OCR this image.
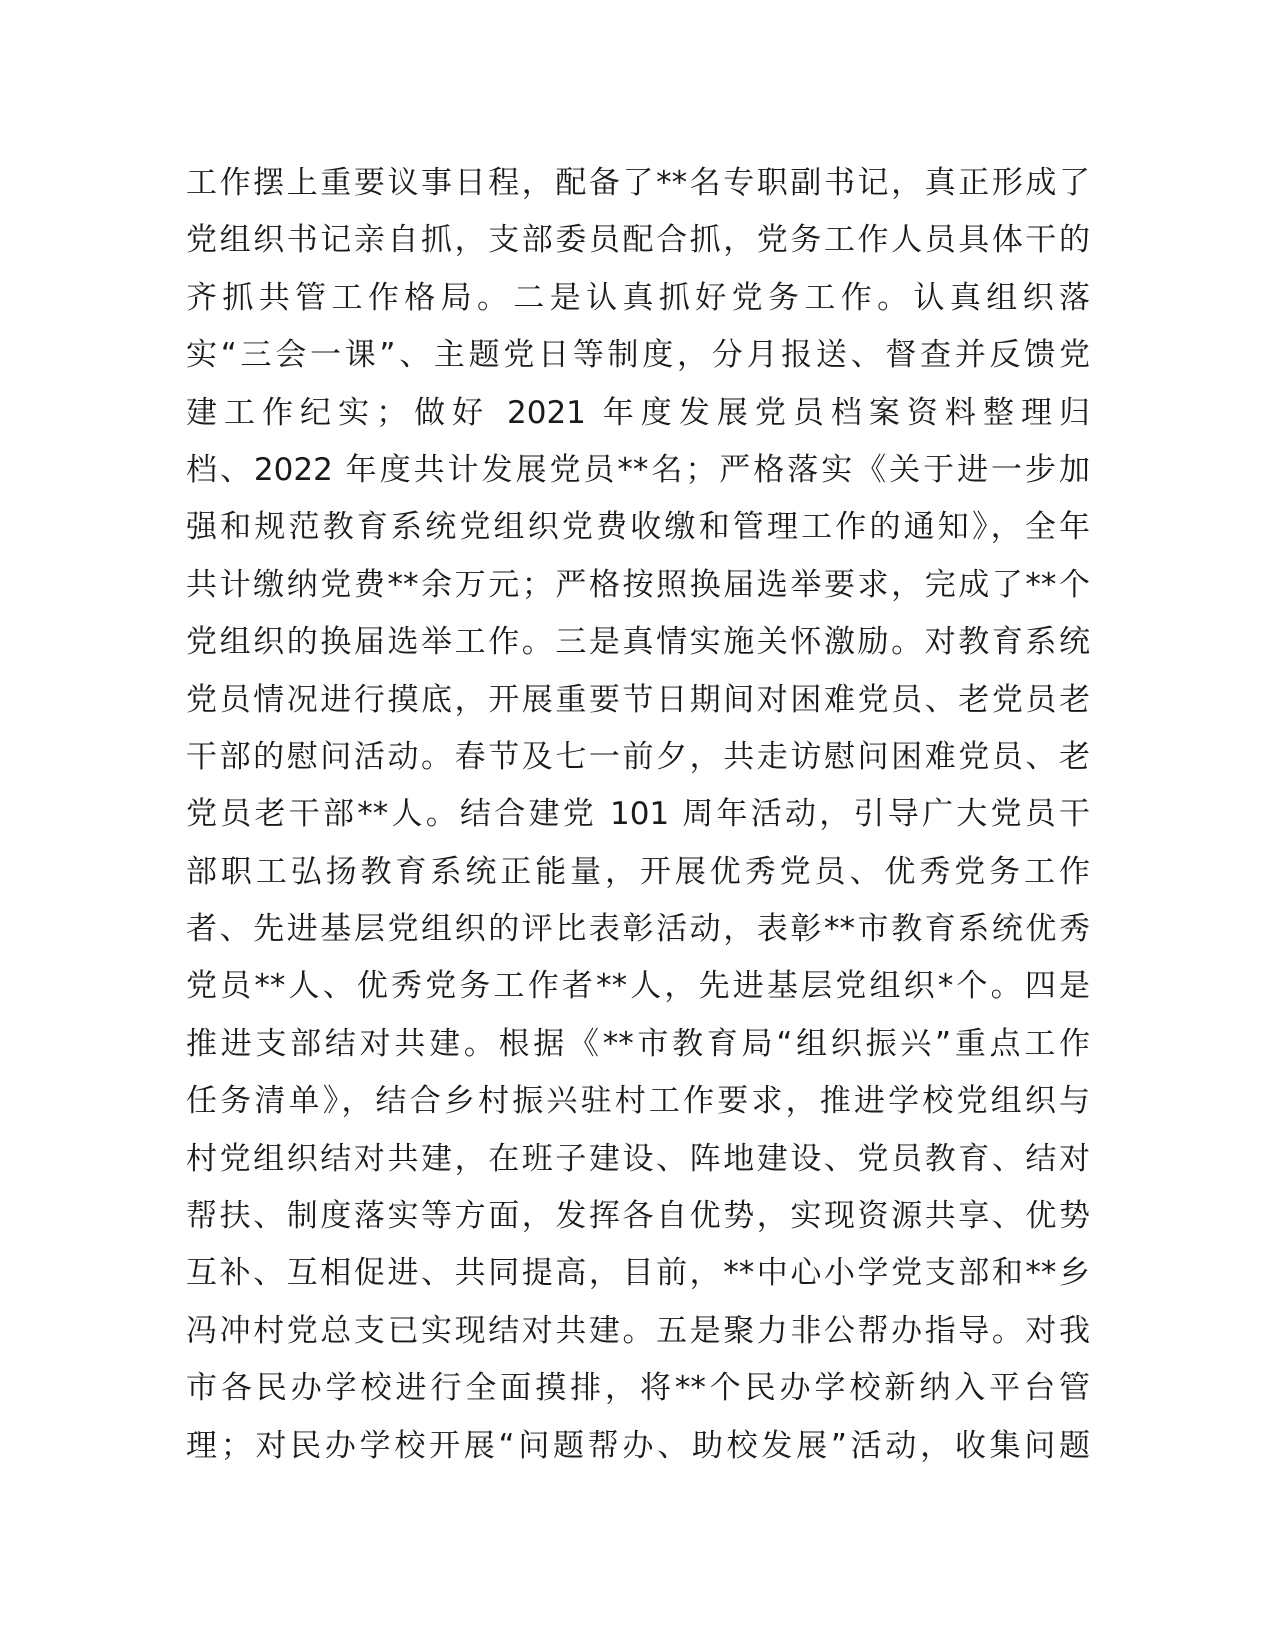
工作摆上重要议事日程，配备了**名专职副书记，真正形成了
党组织书记亲自抓，支部委员配合抓，党务工作人员具体干的
齐抓共管工作格局。二是认真抓好党务工作。认真组织落
实“三会一课”、主题党日等制度，分月报送、督查并反馈党
建工作纪实；做好 2021 年度发展党员档案资料整理归
档、2022 年度共计发展党员**名；严格落实《关于进一步加
强和规范教育系统党组织党费收缴和管理工作的通知》，全年
共计缴纳党费**余万元；严格按照换届选举要求，完成了**个
党组织的换届选举工作。三是真情实施关怀激励。对教育系统
党员情况进行摸底，开展重要节日期间对困难党员、老党员老
干部的慰问活动。春节及七一前夕，共走访慰问困难党员、老
党员老干部**人。结合建党 101 周年活动，引导广大党员干
部职工弘扬教育系统正能量，开展优秀党员、优秀党务工作
者、先进基层党组织的评比表彰活动，表彰**市教育系统优秀
党员**人、优秀党务工作者**人，先进基层党组织*个。四是
推进支部结对共建。根据《**市教育局“组织振兴”重点工作
任务清单》，结合乡村振兴驻村工作要求，推进学校党组织与
村党组织结对共建，在班子建设、阵地建设、党员教育、结对
帮扶、制度落实等方面，发挥各自优势，实现资源共享、优势
互补、互相促进、共同提高，目前，**中心小学党支部和**乡
冯冲村党总支已实现结对共建。五是聚力非公帮办指导。对我
市各民办学校进行全面摸排，将**个民办学校新纳入平台管
理；对民办学校开展“问题帮办、助校发展”活动，收集问题
